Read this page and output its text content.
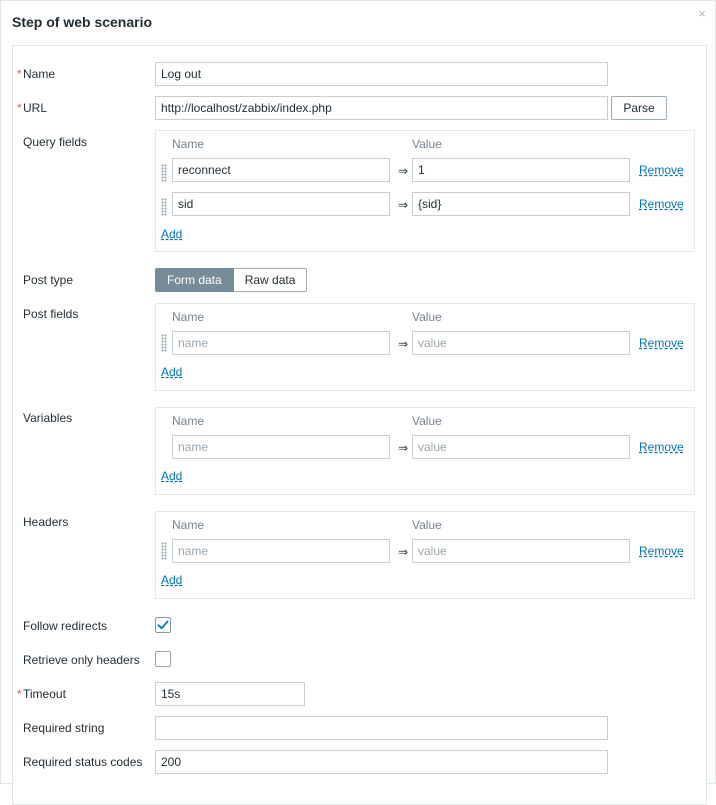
Step of web scenario
×
* Name	Log out
* URL	http://localhost/zabbix/index.php	Parse
Query fields	Name	Value
reconnect	⇒ 1	Remove
sid	⇒ {sid}	Remove
Add
Post type	Form data	Raw data
Post fields	Name	Value
name	⇒ value	Remove
Add
Variables	Name	Value
name	⇒ value	Remove
Add
Headers	Name	Value
name	⇒ value	Remove
Add
Follow redirects
Retrieve only headers
* Timeout	15s
Required string
Required status codes	200
